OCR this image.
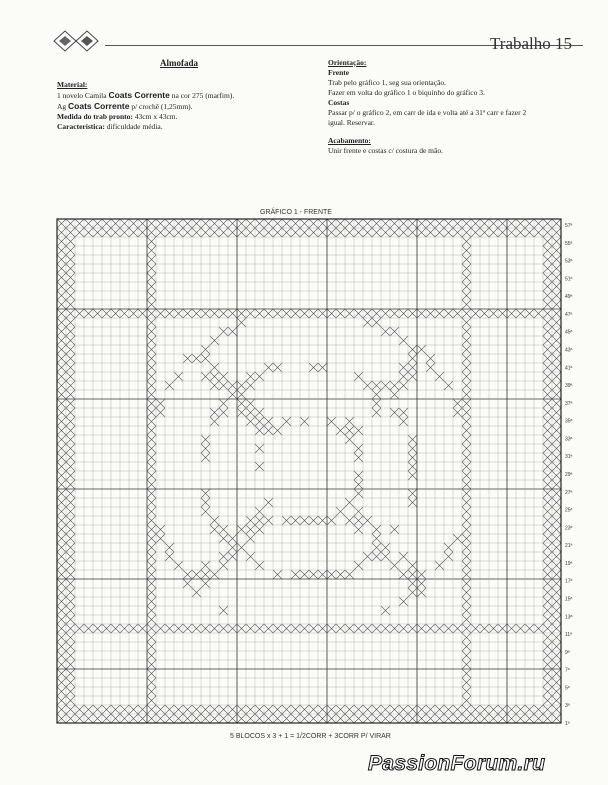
Trabalho 15
Almofada
Material:
1 novelo Camila Coats Corrente na cor 275 (marfim).
Ag Coats Corrente p/ crochê (1,25mm).
Medida do trab pronto: 43cm x 43cm.
Característica: dificuldade média.
Orientação:
Frente
Trab pelo gráfico 1, seg sua orientação.
Fazer em volta do gráfico 1 o biquinho do gráfico 3.
Costas
Passar p/ o gráfico 2, em carr de ida e volta até a 31ª carr e fazer 2
igual. Reservar.
Acabamento:
Unir frente e costas c/ costura de mão.
GRÁFICO 1 - FRENTE
57ª
55ª
53ª
51ª
49ª
47ª
45ª
43ª
41ª
39ª
37ª
35ª
33ª
31ª
29ª
27ª
25ª
23ª
21ª
19ª
17ª
15ª
13ª
11ª
9ª
7ª
5ª
3ª
1ª
5 BLOCOS x 3 + 1 = 1/2CORR + 3CORR P/ VIRAR
PassionForum.ru
